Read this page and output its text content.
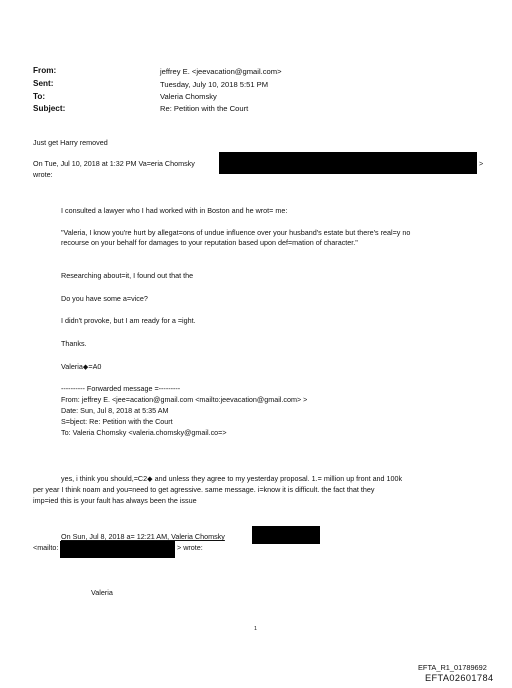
From:
Sent:
To:
Subject:
jeffrey E. <jeevacation@gmail.com>
Tuesday, July 10, 2018 5:51 PM
Valeria Chomsky
Re: Petition with the Court
Just get Harry removed
On Tue, Jul 10, 2018 at 1:32 PM Va=eria Chomsky	>
wrote:
I consulted a lawyer who I had worked with in Boston and he wrot= me:
"Valeria, I know you're hurt by allegat=ons of undue influence over your husband's estate but there's real=y no
recourse on your behalf for damages to your reputation based upon def=mation of character."
Researching about=it, I found out that the
Do you have some a=vice?
I didn't provoke, but I am ready for a =ight.
Thanks.
Valeria◆=A0
---------- Forwarded message =---------
From: jeffrey E. <jee=acation@gmail.com <mailto:jeevacation@gmail.com> >
Date: Sun, Jul 8, 2018 at 5:35 AM
S=bject: Re: Petition with the Court
To: Valeria Chomsky <valeria.chomsky@gmail.co=>
yes, i think you should,=C2◆ and unless they agree to my yesterday proposal. 1.= million up front and 100k
per year I think noam and you=need to get agressive. same message. i=know it is difficult. the fact that they
imp=ied this is your fault has always been the issue
On Sun, Jul 8, 2018 a= 12:21 AM, Valeria Chomsky
<mailto:	> wrote:
Valeria
1
EFTA_R1_01789692
EFTA02601784
